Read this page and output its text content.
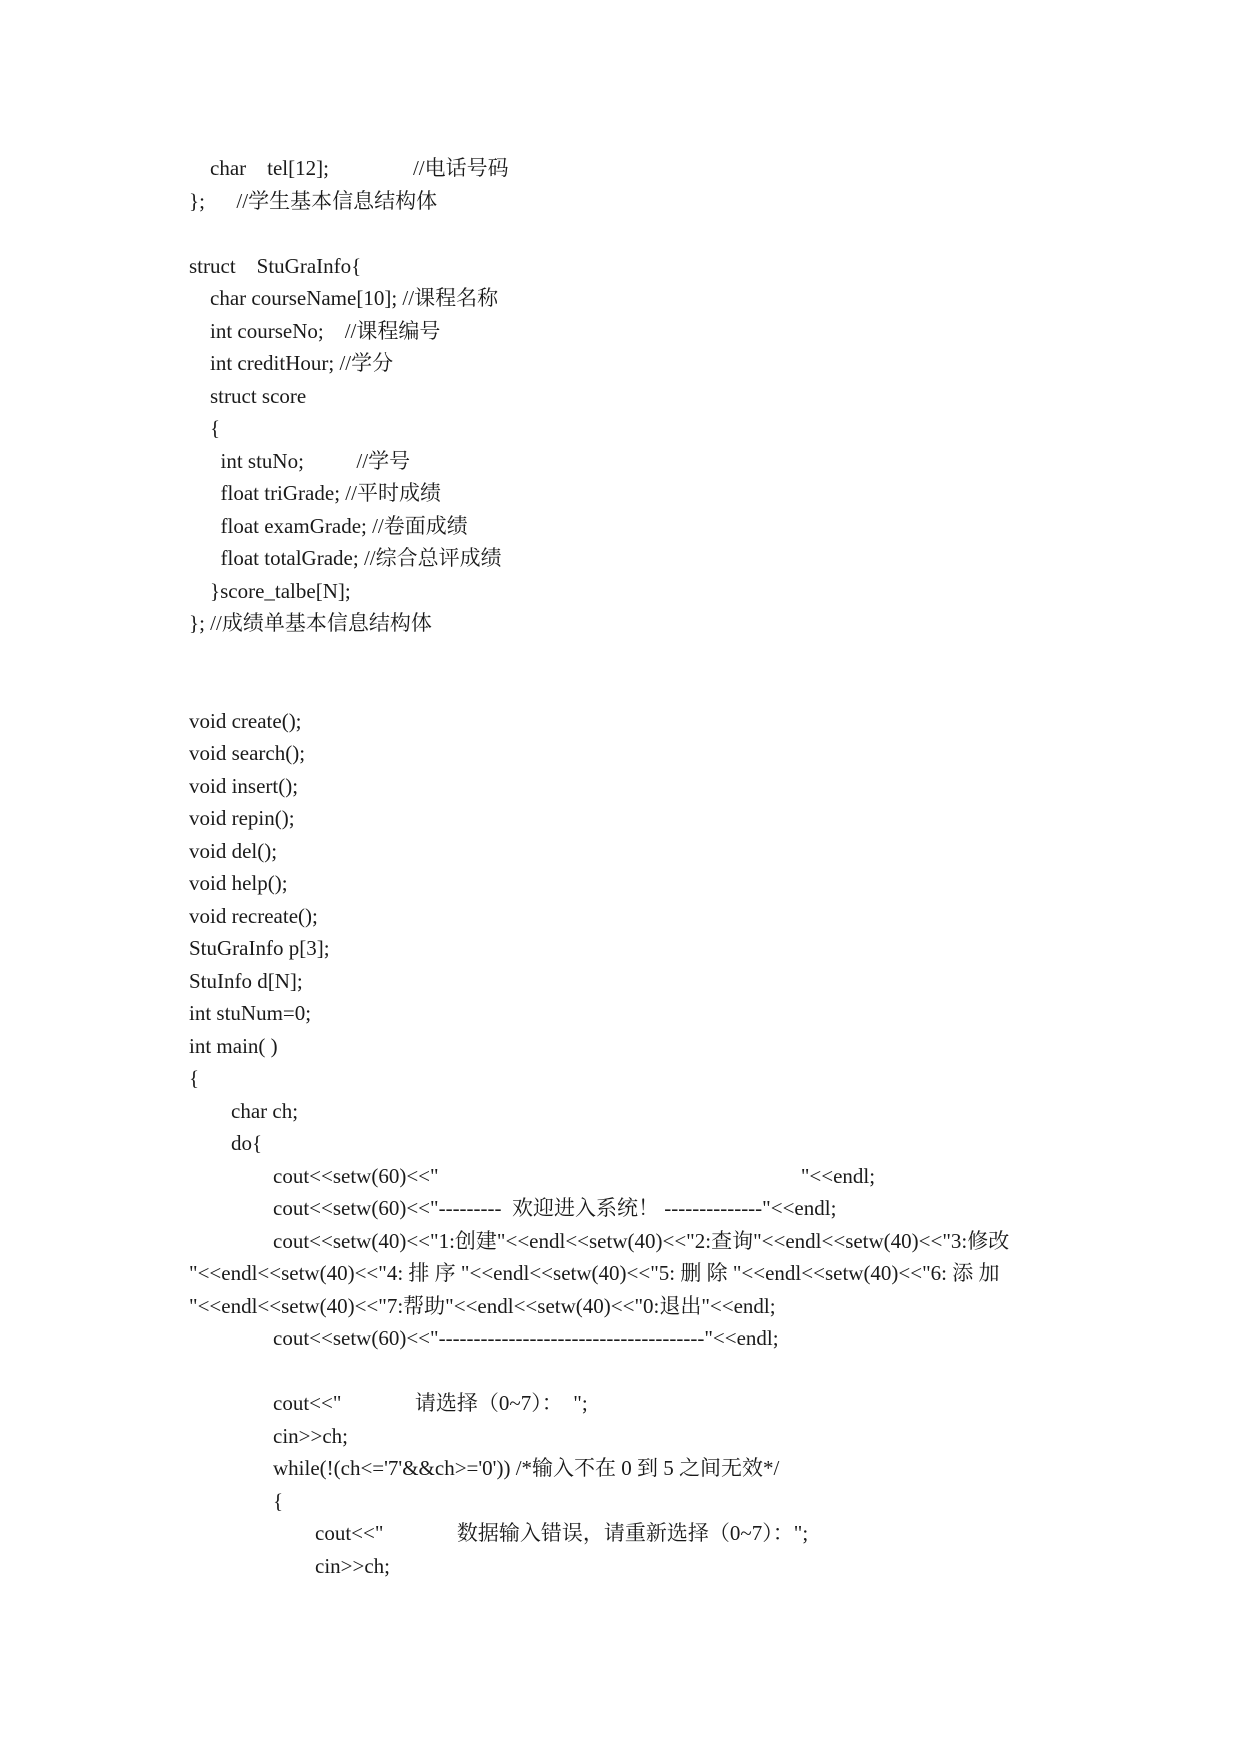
char    tel[12];                //电话号码
};      //学生基本信息结构体
struct    StuGraInfo{
char courseName[10]; //课程名称
int courseNo;    //课程编号
int creditHour; //学分
struct score
{
int stuNo;          //学号
float triGrade; //平时成绩
float examGrade; //卷面成绩
float totalGrade; //综合总评成绩
}score_talbe[N];
}; //成绩单基本信息结构体
void create();
void search();
void insert();
void repin();
void del();
void help();
void recreate();
StuGraInfo p[3];
StuInfo d[N];
int stuNum=0;
int main( )
{
char ch;
do{
cout<<setw(60)<<"                                                                     "<<endl;
cout<<setw(60)<<"---------  欢迎进入系统！ --------------"<<endl;
cout<<setw(40)<<"1:创建"<<endl<<setw(40)<<"2:查询"<<endl<<setw(40)<<"3:修改
"<<endl<<setw(40)<<"4: 排 序 "<<endl<<setw(40)<<"5: 删 除 "<<endl<<setw(40)<<"6: 添 加
"<<endl<<setw(40)<<"7:帮助"<<endl<<setw(40)<<"0:退出"<<endl;
cout<<setw(60)<<"--------------------------------------"<<endl;
cout<<"              请选择（0~7）：  ";
cin>>ch;
while(!(ch<='7'&&ch>='0')) /*输入不在 0 到 5 之间无效*/
{
cout<<"              数据输入错误，请重新选择（0~7）：";
cin>>ch;
